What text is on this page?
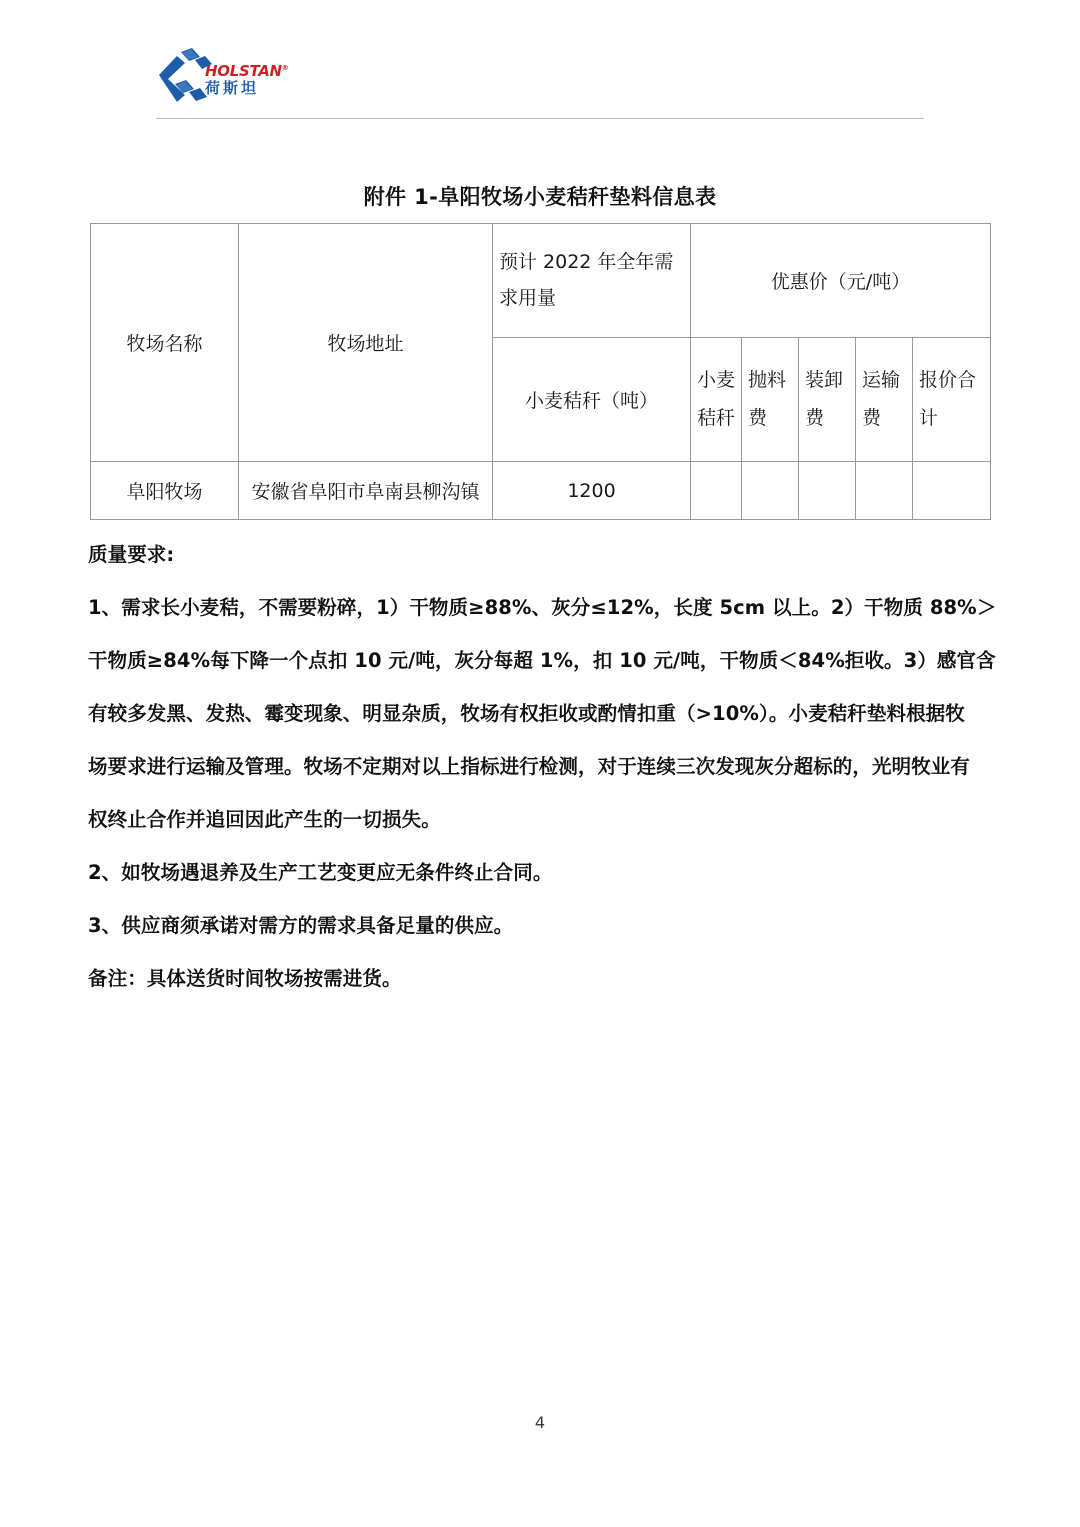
HOLSTAN®
荷斯坦
附件 1-阜阳牧场小麦秸秆垫料信息表
牧场名称	牧场地址	预计 2022 年全年需求用量	优惠价（元/吨）				
		小麦秸秆（吨）	小麦秸秆	抛料费	装卸费	运输费	报价合计
阜阳牧场	安徽省阜阳市阜南县柳沟镇	1200					
质量要求:
1、需求长小麦秸，不需要粉碎，1）干物质≥88%、灰分≤12%，长度 5cm 以上。2）干物质 88%＞
干物质≥84%每下降一个点扣 10 元/吨，灰分每超 1%，扣 10 元/吨，干物质＜84%拒收。3）感官含
有较多发黑、发热、霉变现象、明显杂质，牧场有权拒收或酌情扣重（>10%）。小麦秸秆垫料根据牧
场要求进行运输及管理。牧场不定期对以上指标进行检测，对于连续三次发现灰分超标的，光明牧业有
权终止合作并追回因此产生的一切损失。
2、如牧场遇退养及生产工艺变更应无条件终止合同。
3、供应商须承诺对需方的需求具备足量的供应。
备注：具体送货时间牧场按需进货。
4
